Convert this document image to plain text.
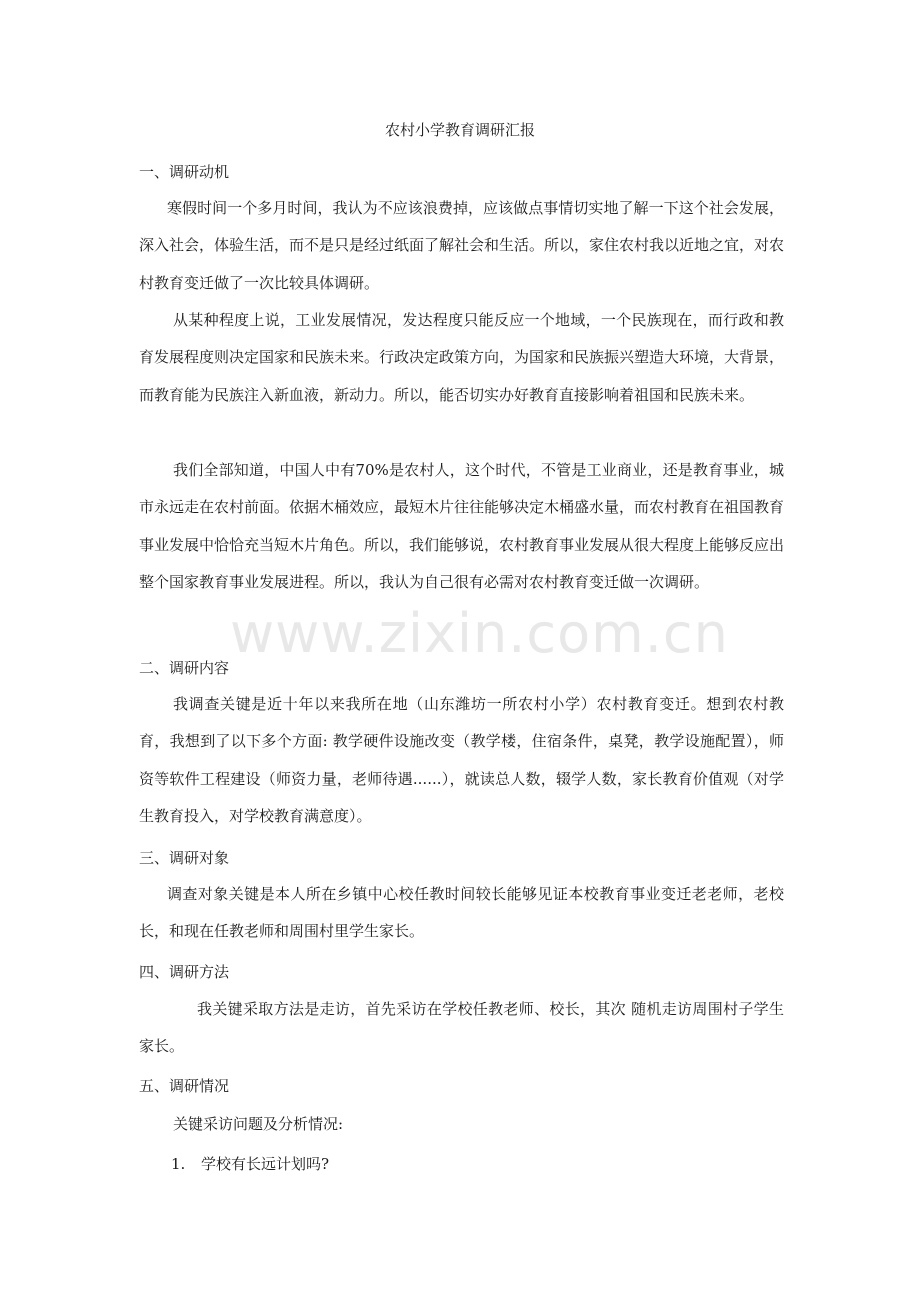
农村小学教育调研汇报
一、调研动机

寒假时间一个多月时间，我认为不应该浪费掉，应该做点事情切实地了解一下这个社会发展，深入社会，体验生活，而不是只是经过纸面了解社会和生活。所以，家住农村我以近地之宜，对农村教育变迁做了一次比较具体调研。

从某种程度上说，工业发展情况，发达程度只能反应一个地域，一个民族现在，而行政和教育发展程度则决定国家和民族未来。行政决定政策方向，为国家和民族振兴塑造大环境，大背景，而教育能为民族注入新血液，新动力。所以，能否切实办好教育直接影响着祖国和民族未来。

我们全部知道，中国人中有70%是农村人，这个时代，不管是工业商业，还是教育事业，城市永远走在农村前面。依据木桶效应，最短木片往往能够决定木桶盛水量，而农村教育在祖国教育事业发展中恰恰充当短木片角色。所以，我们能够说，农村教育事业发展从很大程度上能够反应出整个国家教育事业发展进程。所以，我认为自己很有必需对农村教育变迁做一次调研。

二、调研内容

我调查关键是近十年以来我所在地（山东潍坊一所农村小学）农村教育变迁。想到农村教育，我想到了以下多个方面: 教学硬件设施改变（教学楼，住宿条件，桌凳，教学设施配置），师资等软件工程建设（师资力量，老师待遇......），就读总人数，辍学人数，家长教育价值观（对学生教育投入，对学校教育满意度）。

三、调研对象

调查对象关键是本人所在乡镇中心校任教时间较长能够见证本校教育事业变迁老老师，老校长，和现在任教老师和周围村里学生家长。

四、调研方法

我关键采取方法是走访，首先采访在学校任教老师、校长，其次 随机走访周围村子学生家长。

五、调研情况
关键采访问题及分析情况:
1. 学校有长远计划吗?
www.zixin.com.cn
